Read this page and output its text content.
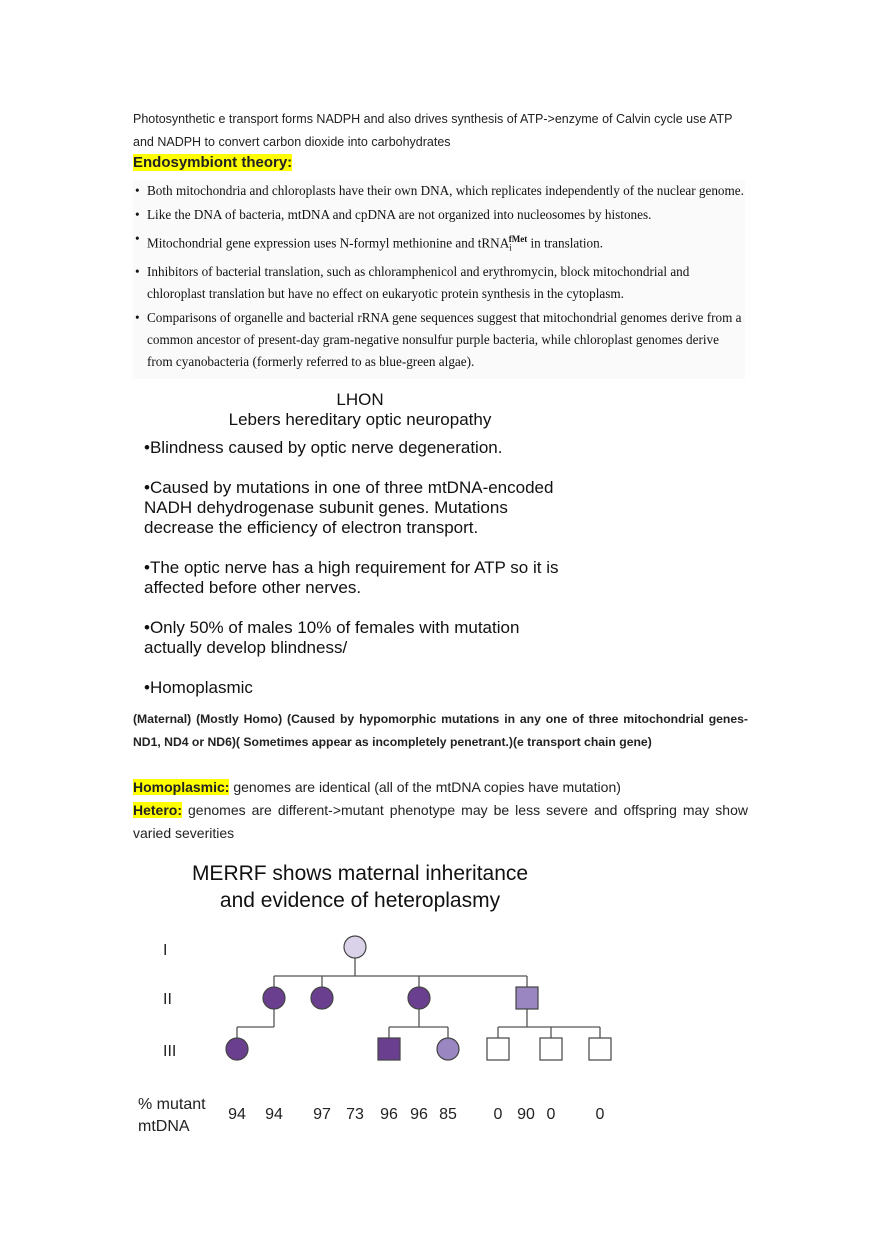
Photosynthetic e transport forms NADPH and also drives synthesis of ATP->enzyme of Calvin cycle use ATP and NADPH to convert carbon dioxide into carbohydrates
Endosymbiont theory:
• Both mitochondria and chloroplasts have their own DNA, which replicates independently of the nuclear genome.
• Like the DNA of bacteria, mtDNA and cpDNA are not organized into nucleosomes by histones.
• Mitochondrial gene expression uses N-formyl methionine and tRNA$_i^{fMet}$ in translation.
• Inhibitors of bacterial translation, such as chloramphenicol and erythromycin, block mitochondrial and chloroplast translation but have no effect on eukaryotic protein synthesis in the cytoplasm.
• Comparisons of organelle and bacterial rRNA gene sequences suggest that mitochondrial genomes derive from a common ancestor of present-day gram-negative nonsulfur purple bacteria, while chloroplast genomes derive from cyanobacteria (formerly referred to as blue-green algae).
LHON
Lebers hereditary optic neuropathy

•Blindness caused by optic nerve degeneration.

•Caused by mutations in one of three mtDNA-encoded NADH dehydrogenase subunit genes. Mutations decrease the efficiency of electron transport.

•The optic nerve has a high requirement for ATP so it is affected before other nerves.

•Only 50% of males 10% of females with mutation actually develop blindness/

•Homoplasmic

(Maternal) (Mostly Homo) (Caused by hypomorphic mutations in any one of three mitochondrial genes-ND1, ND4 or ND6)( Sometimes appear as incompletely penetrant.)(e transport chain gene)
Homoplasmic: genomes are identical (all of the mtDNA copies have mutation)
Hetero: genomes are different->mutant phenotype may be less severe and offspring may show varied severities
MERRF shows maternal inheritance
and evidence of heteroplasmy
I
II
III
% mutant
mtDNA
94 94 97 73 96 96 85 0 90 0	0
